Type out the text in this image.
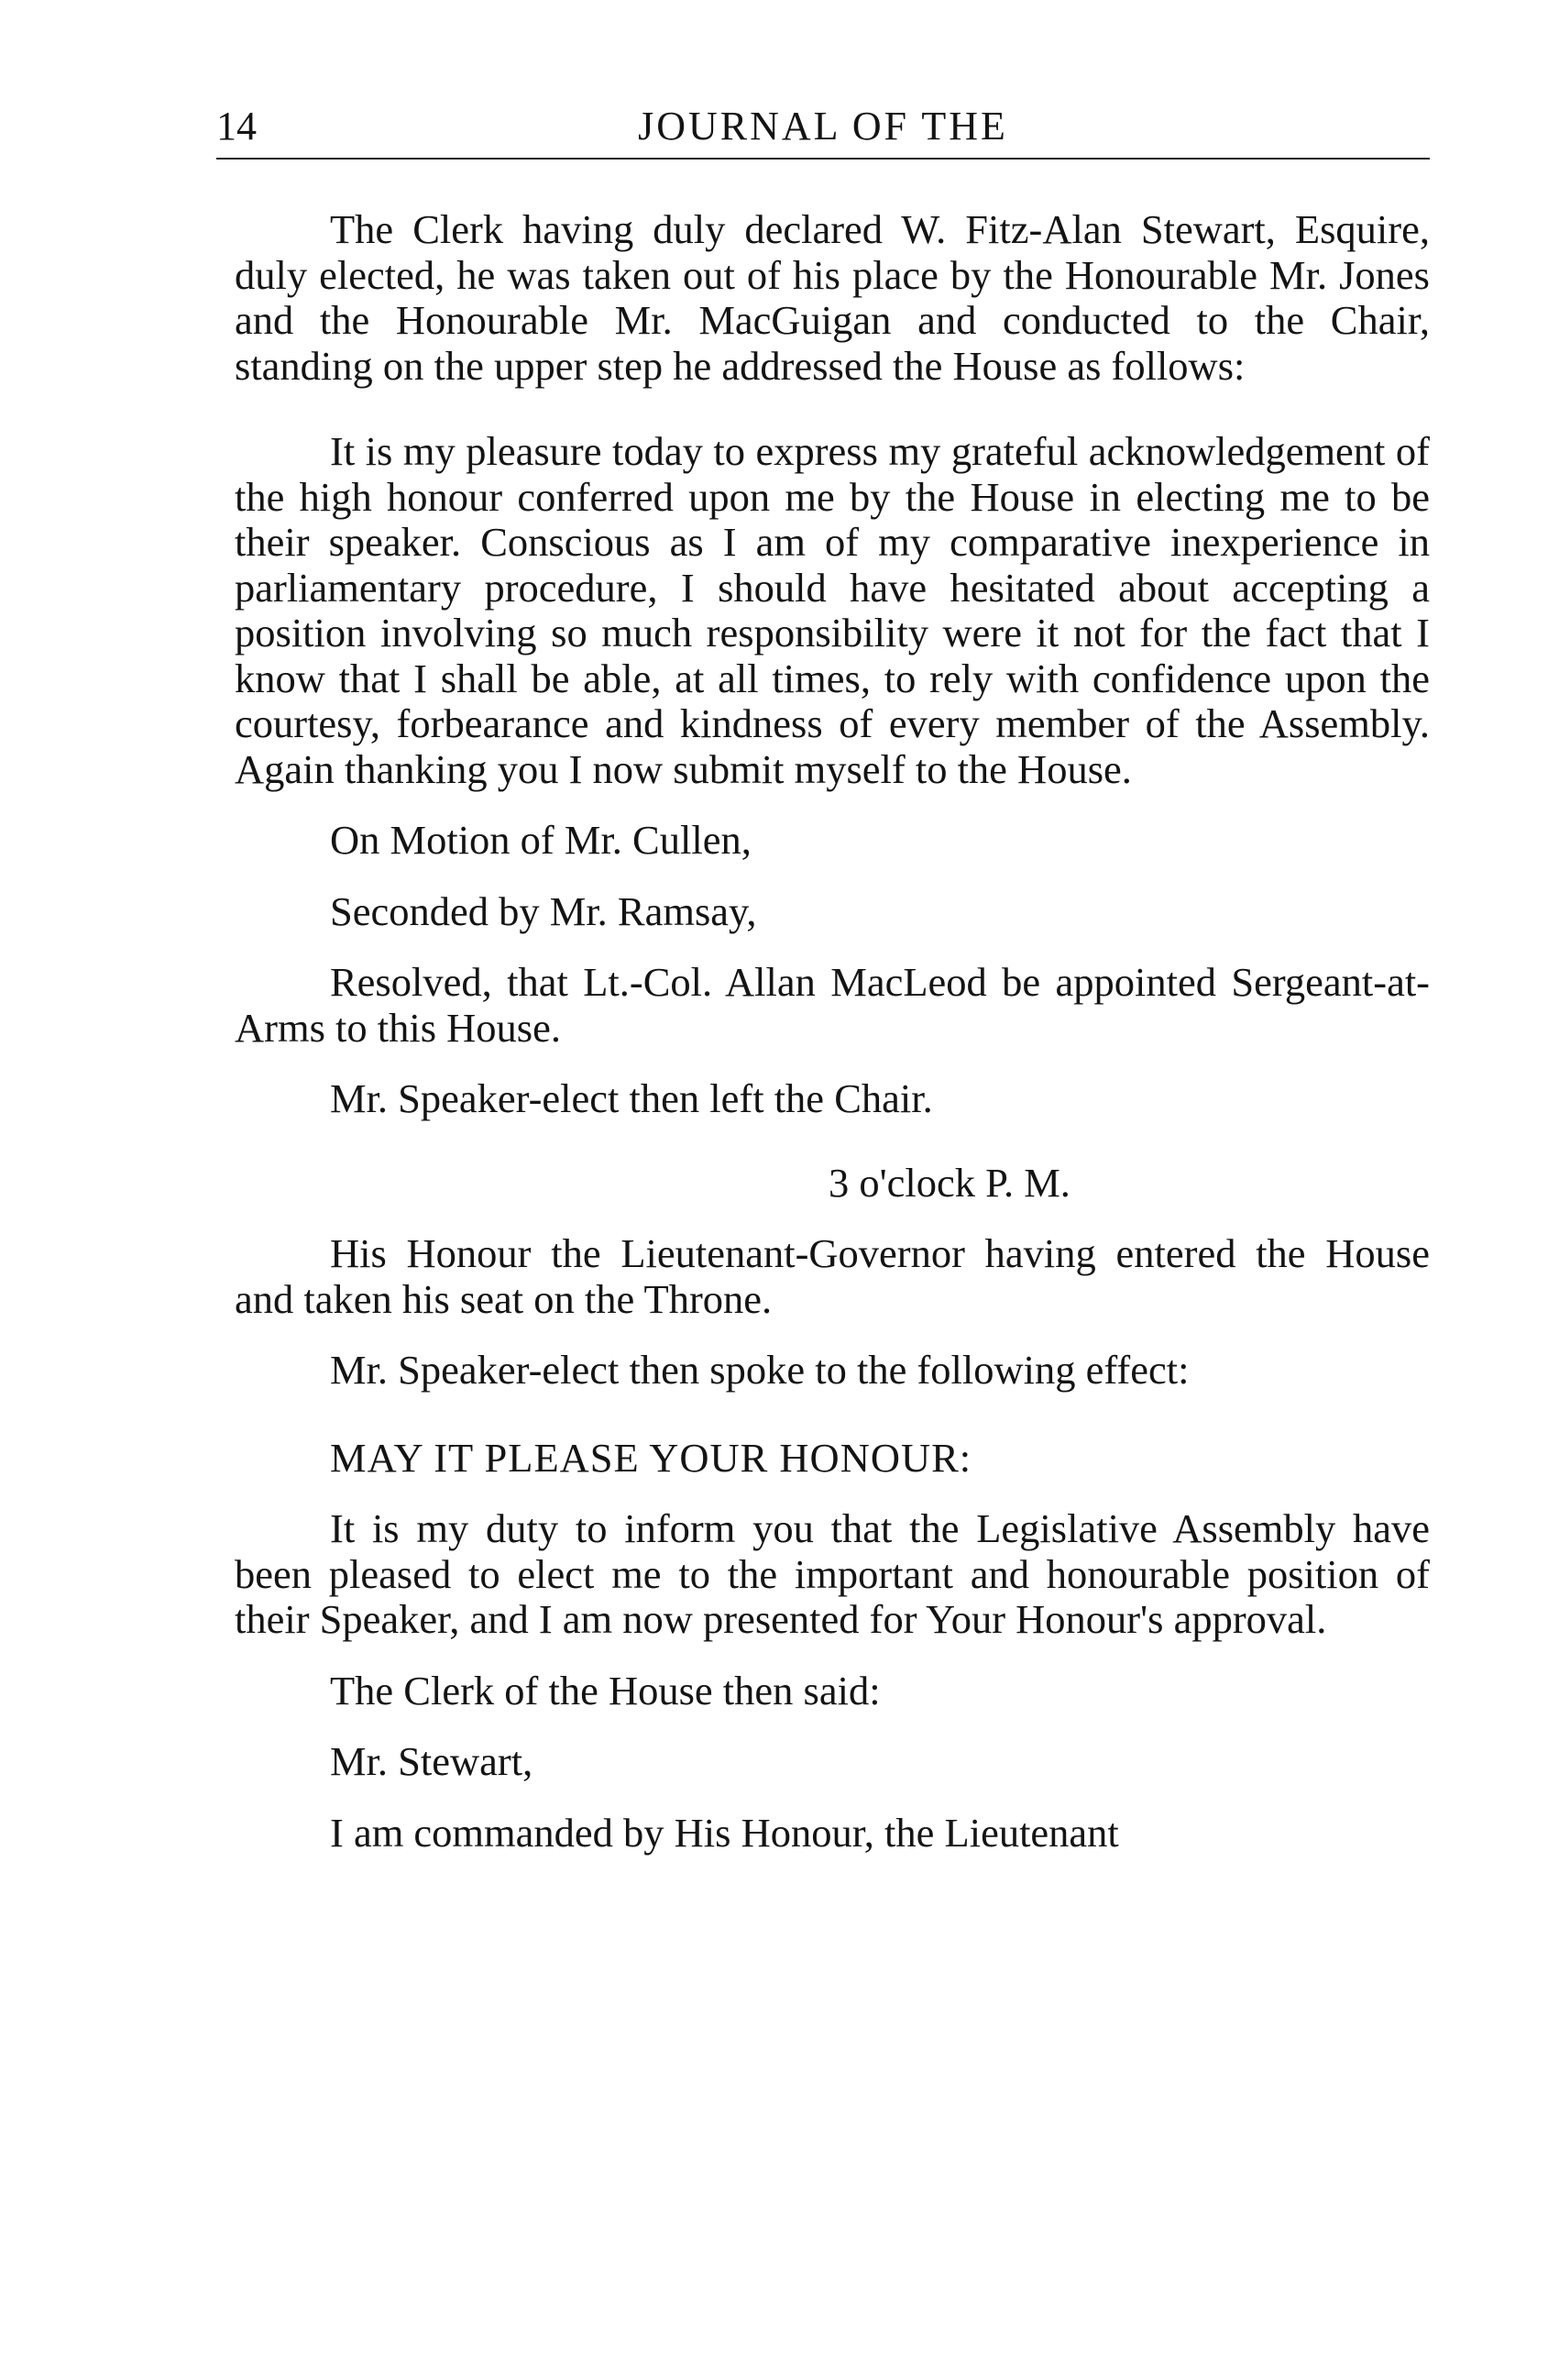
14	JOURNAL OF THE

The Clerk having duly declared W. Fitz-Alan Stewart, Esquire, duly elected, he was taken out of his place by the Honourable Mr. Jones and the Honourable Mr. MacGuigan and conducted to the Chair, standing on the upper step he addressed the House as follows:

It is my pleasure today to express my grateful acknowledgement of the high honour conferred upon me by the House in electing me to be their speaker. Conscious as I am of my comparative inexperience in parliamentary procedure, I should have hesitated about accepting a position involving so much responsibility were it not for the fact that I know that I shall be able, at all times, to rely with confidence upon the courtesy, forbearance and kindness of every member of the Assembly. Again thanking you I now submit myself to the House.

On Motion of Mr. Cullen,

Seconded by Mr. Ramsay,

Resolved, that Lt.-Col. Allan MacLeod be appointed Sergeant-at-Arms to this House.

Mr. Speaker-elect then left the Chair.

3 o'clock P. M.

His Honour the Lieutenant-Governor having entered the House and taken his seat on the Throne.

Mr. Speaker-elect then spoke to the following effect:

MAY IT PLEASE YOUR HONOUR:

It is my duty to inform you that the Legislative Assembly have been pleased to elect me to the important and honourable position of their Speaker, and I am now presented for Your Honour's approval.

The Clerk of the House then said:

Mr. Stewart,

I am commanded by His Honour, the Lieutenant
